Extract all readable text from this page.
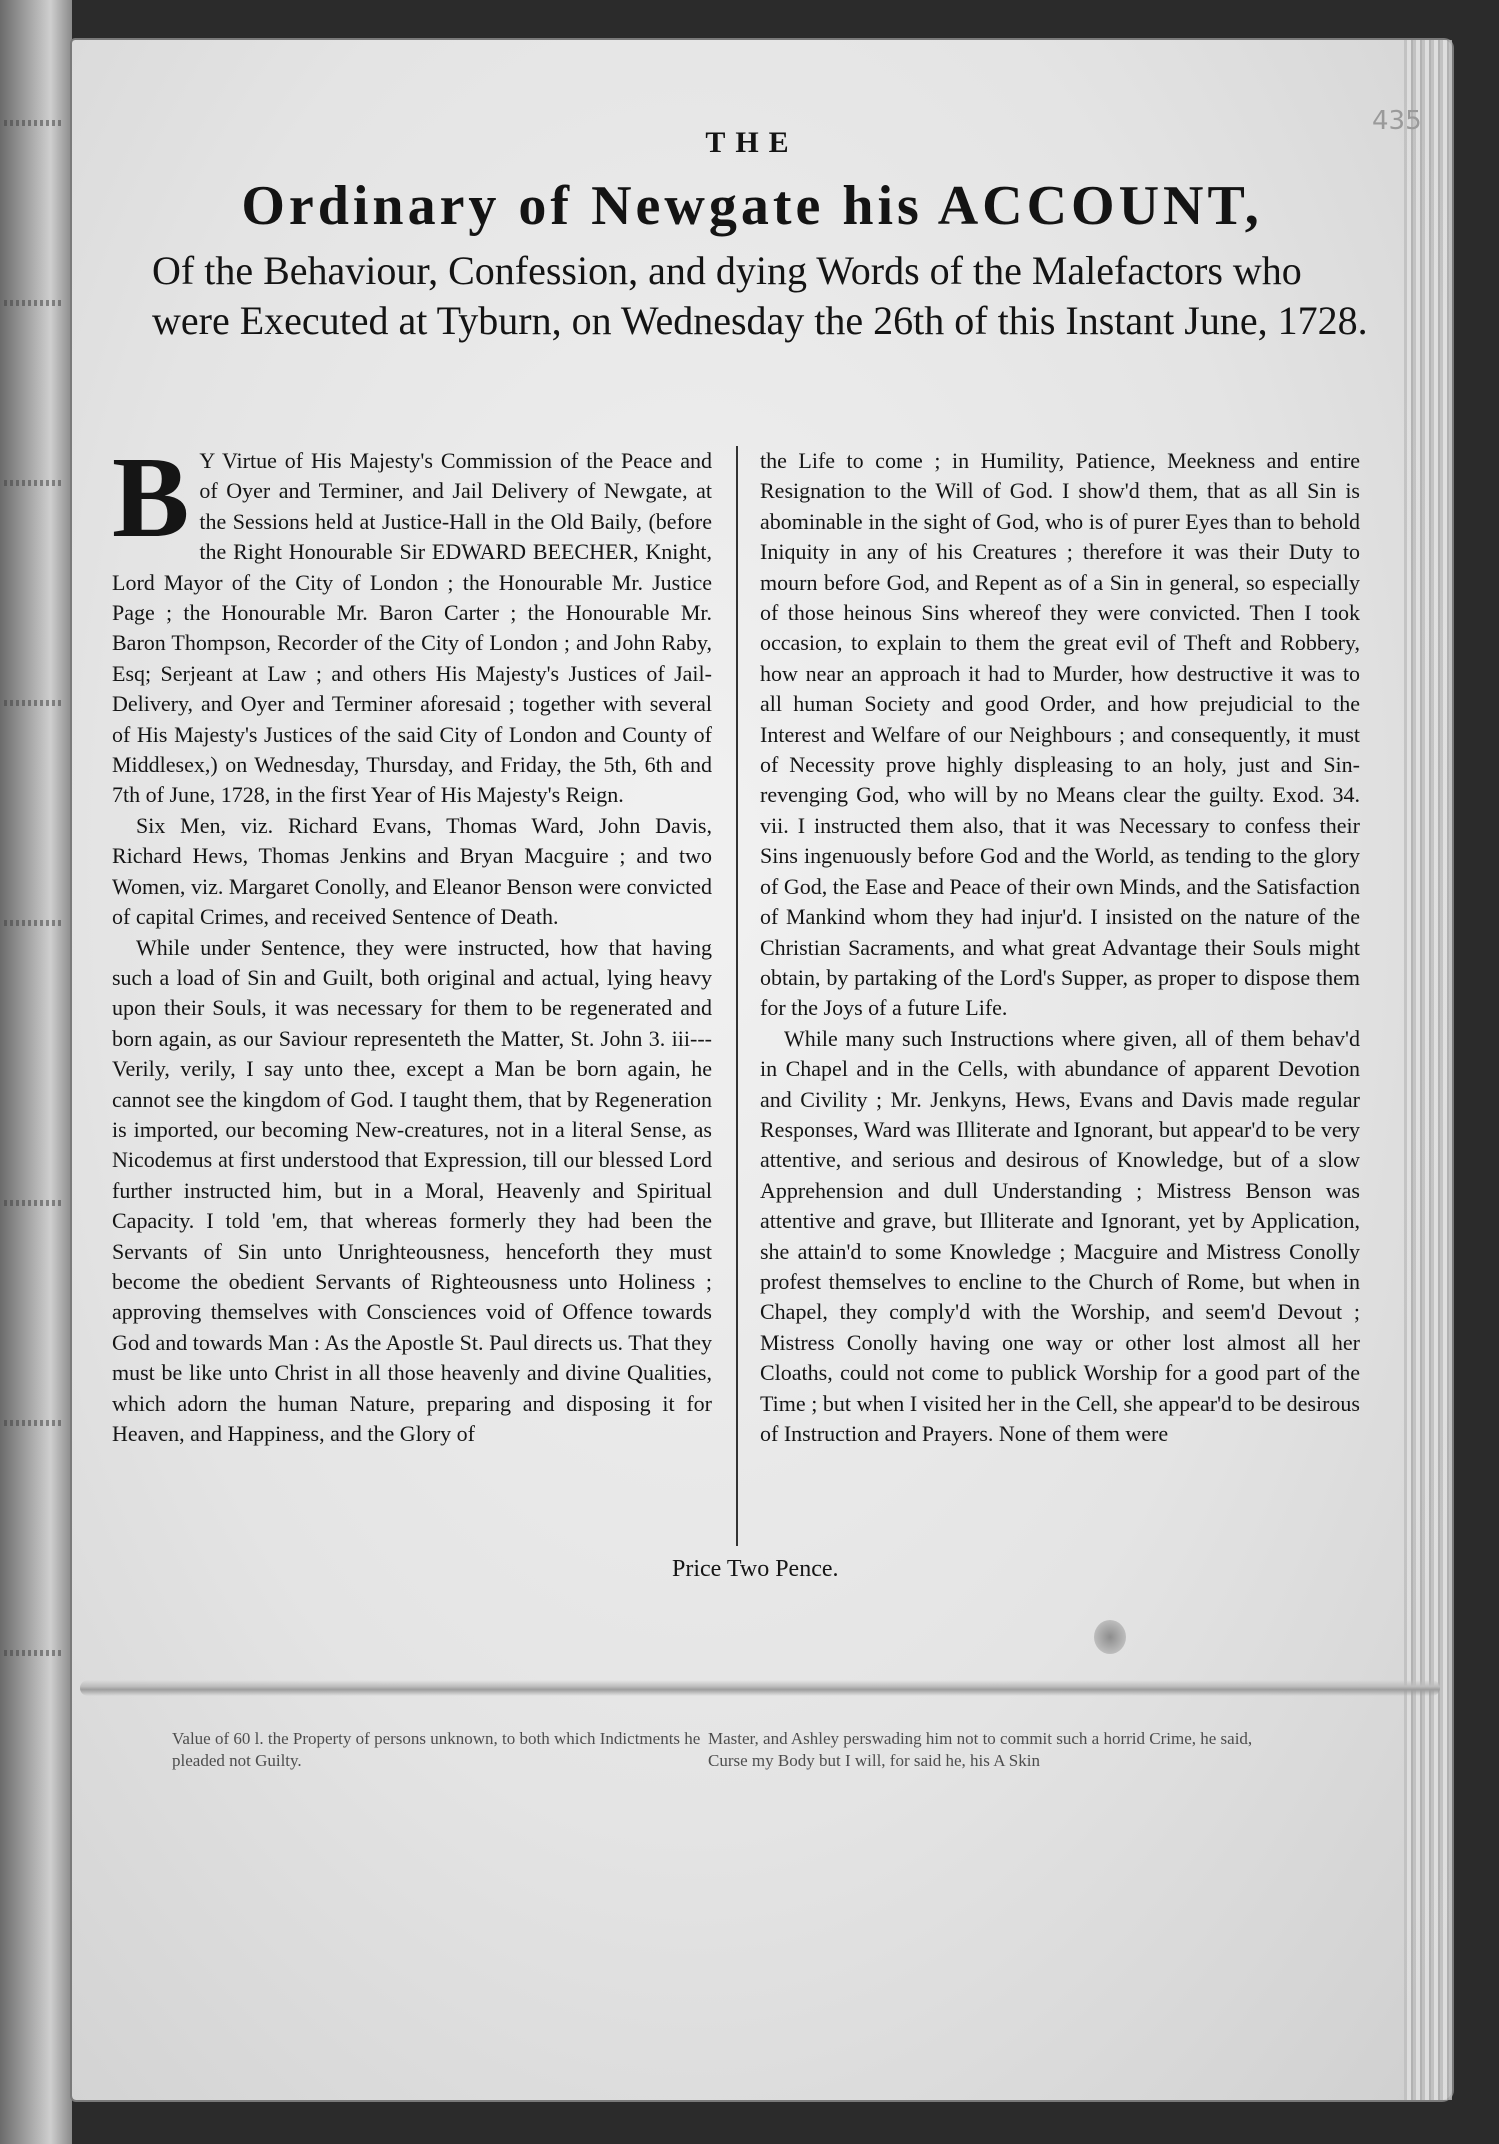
435
THE
Ordinary of Newgate his ACCOUNT,
Of the Behaviour, Confession, and dying Words of the Malefactors who were Executed at Tyburn, on Wednesday the 26th of this Instant June, 1728.
B Y Virtue of His Majesty's Commission of the Peace and of Oyer and Terminer, and Jail Delivery of Newgate, at the Sessions held at Justice-Hall in the Old Baily, (before the Right Honourable Sir EDWARD BEECHER, Knight, Lord Mayor of the City of London ; the Honourable Mr. Justice Page ; the Honourable Mr. Baron Carter ; the Honourable Mr. Baron Thompson, Recorder of the City of London ; and John Raby, Esq; Serjeant at Law ; and others His Majesty's Justices of Jail-Delivery, and Oyer and Terminer aforesaid ; together with several of His Majesty's Justices of the said City of London and County of Middlesex,) on Wednesday, Thursday, and Friday, the 5th, 6th and 7th of June, 1728, in the first Year of His Majesty's Reign.

Six Men, viz. Richard Evans, Thomas Ward, John Davis, Richard Hews, Thomas Jenkins and Bryan Macguire ; and two Women, viz. Margaret Conolly, and Eleanor Benson were convicted of capital Crimes, and received Sentence of Death.

While under Sentence, they were instructed, how that having such a load of Sin and Guilt, both original and actual, lying heavy upon their Souls, it was necessary for them to be regenerated and born again, as our Saviour representeth the Matter, St. John 3. iii--- Verily, verily, I say unto thee, except a Man be born again, he cannot see the kingdom of God. I taught them, that by Regeneration is imported, our becoming New-creatures, not in a literal Sense, as Nicodemus at first understood that Expression, till our blessed Lord further instructed him, but in a Moral, Heavenly and Spiritual Capacity. I told 'em, that whereas formerly they had been the Servants of Sin unto Unrighteousness, henceforth they must become the obedient Servants of Righteousness unto Holiness ; approving themselves with Consciences void of Offence towards God and towards Man : As the Apostle St. Paul directs us. That they must be like unto Christ in all those heavenly and divine Qualities, which adorn the human Nature, preparing and disposing it for Heaven, and Happiness, and the Glory of

the Life to come ; in Humility, Patience, Meekness and entire Resignation to the Will of God. I show'd them, that as all Sin is abominable in the sight of God, who is of purer Eyes than to behold Iniquity in any of his Creatures ; therefore it was their Duty to mourn before God, and Repent as of a Sin in general, so especially of those heinous Sins whereof they were convicted. Then I took occasion, to explain to them the great evil of Theft and Robbery, how near an approach it had to Murder, how destructive it was to all human Society and good Order, and how prejudicial to the Interest and Welfare of our Neighbours ; and consequently, it must of Necessity prove highly displeasing to an holy, just and Sin-revenging God, who will by no Means clear the guilty. Exod. 34. vii. I instructed them also, that it was Necessary to confess their Sins ingenuously before God and the World, as tending to the glory of God, the Ease and Peace of their own Minds, and the Satisfaction of Mankind whom they had injur'd. I insisted on the nature of the Christian Sacraments, and what great Advantage their Souls might obtain, by partaking of the Lord's Supper, as proper to dispose them for the Joys of a future Life.

While many such Instructions where given, all of them behav'd in Chapel and in the Cells, with abundance of apparent Devotion and Civility ; Mr. Jenkyns, Hews, Evans and Davis made regular Responses, Ward was Illiterate and Ignorant, but appear'd to be very attentive, and serious and desirous of Knowledge, but of a slow Apprehension and dull Understanding ; Mistress Benson was attentive and grave, but Illiterate and Ignorant, yet by Application, she attain'd to some Knowledge ; Macguire and Mistress Conolly profest themselves to encline to the Church of Rome, but when in Chapel, they comply'd with the Worship, and seem'd Devout ; Mistress Conolly having one way or other lost almost all her Cloaths, could not come to publick Worship for a good part of the Time ; but when I visited her in the Cell, she appear'd to be desirous of Instruction and Prayers. None of them were

Price Two Pence.
Value of 60 l. the Property of persons unknown, to both which Indictments he pleaded not Guilty.
Master, and Ashley perswading him not to commit such a horrid Crime, he said, Curse my Body but I will, for said he, his A Skin
